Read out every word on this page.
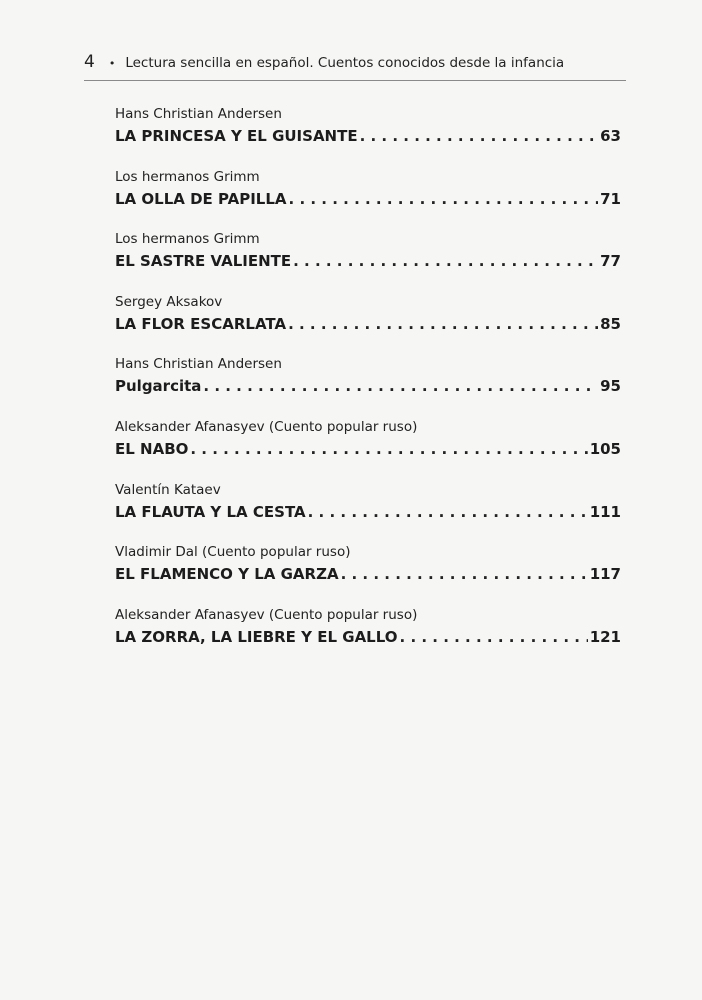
4 • Lectura sencilla en español. Cuentos conocidos desde la infancia
Hans Christian Andersen
LA PRINCESA Y EL GUISANTE . . .	63
Los hermanos Grimm
LA OLLA DE PAPILLA . . .	71
Los hermanos Grimm
EL SASTRE VALIENTE . . .	77
Sergey Aksakov
LA FLOR ESCARLATA . . .	85
Hans Christian Andersen
Pulgarcita . . .	95
Aleksander Afanasyev (Cuento popular ruso)
EL NABO . . .	105
Valentín Kataev
LA FLAUTA Y LA CESTA . . .	111
Vladimir Dal (Cuento popular ruso)
EL FLAMENCO Y LA GARZA . . .	117
Aleksander Afanasyev (Cuento popular ruso)
LA ZORRA, LA LIEBRE Y EL GALLO . . .	121
